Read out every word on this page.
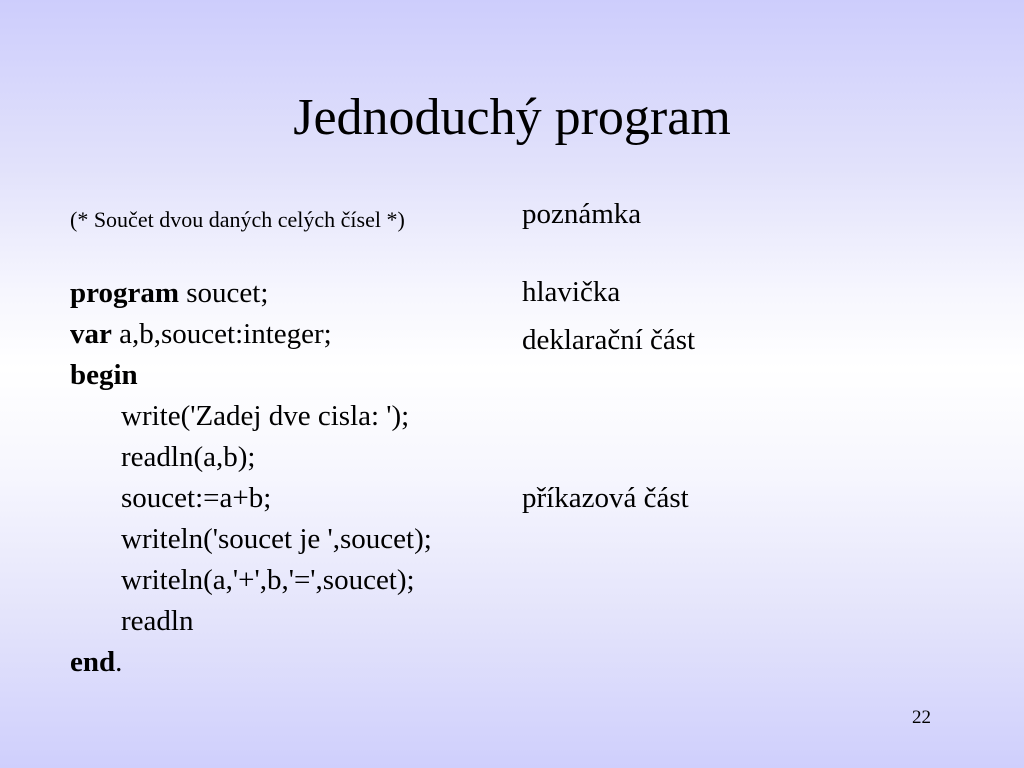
Jednoduchý program
(* Součet dvou daných celých čísel *)
program soucet;
var a,b,soucet:integer;
begin
write('Zadej dve cisla: ');
readln(a,b);
soucet:=a+b;
writeln('soucet je ',soucet);
writeln(a,'+',b,'=',soucet);
readln
end.
poznámka
hlavička
deklarační část
příkazová část
22
